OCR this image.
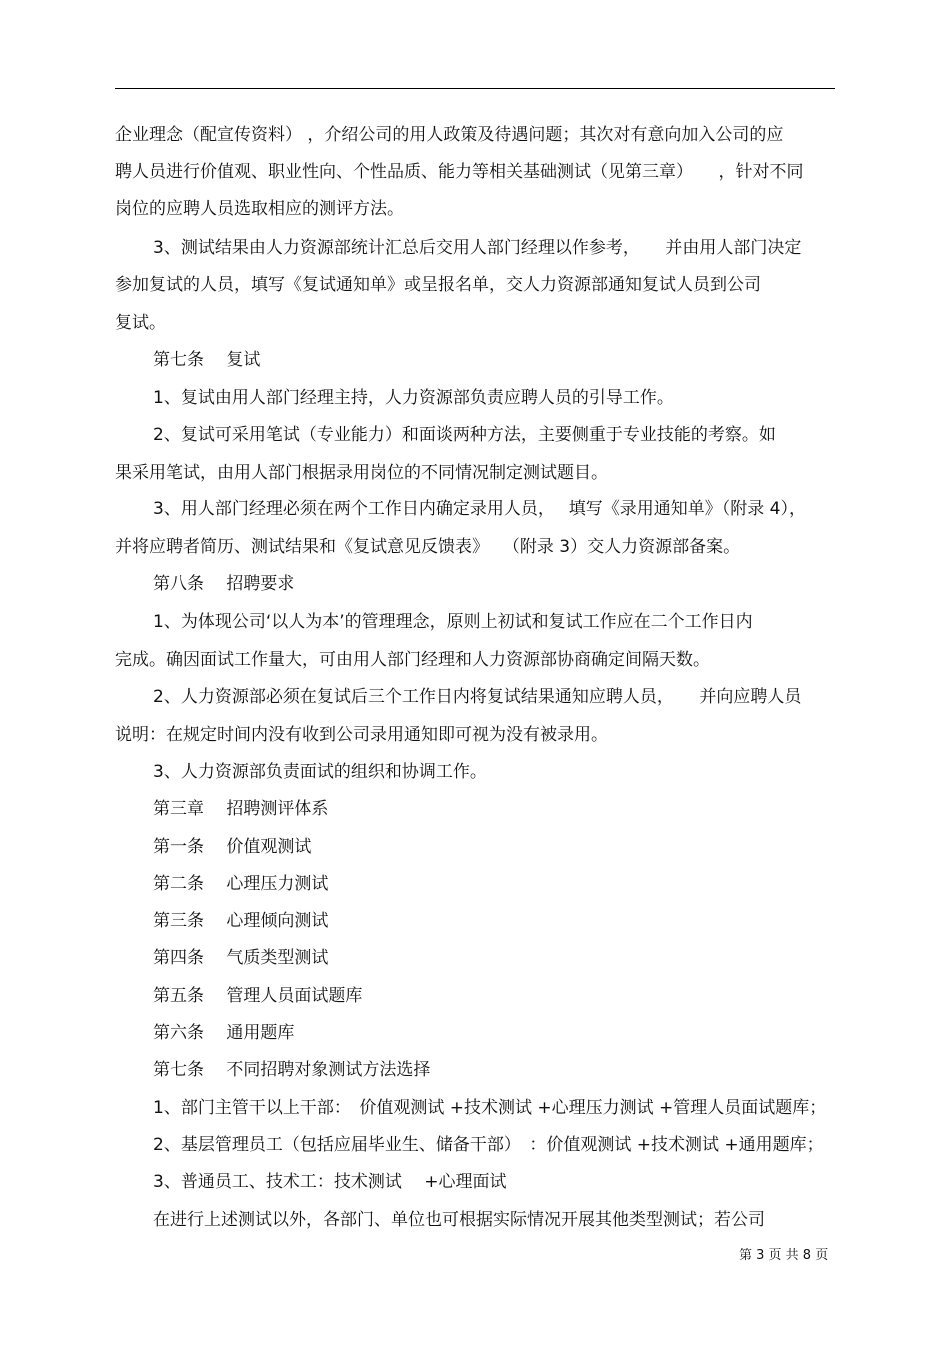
企业理念（配宣传资料） ，介绍公司的用人政策及待遇问题；其次对有意向加入公司的应
聘人员进行价值观、职业性向、个性品质、能力等相关基础测试（见第三章）　　，针对不同
岗位的应聘人员选取相应的测评方法。
3、测试结果由人力资源部统计汇总后交用人部门经理以作参考，　　并由用人部门决定
参加复试的人员，填写《复试通知单》或呈报名单，交人力资源部通知复试人员到公司
复试。
第七条　 复试
1、复试由用人部门经理主持，人力资源部负责应聘人员的引导工作。
2、复试可采用笔试（专业能力）和面谈两种方法，主要侧重于专业技能的考察。如
果采用笔试，由用人部门根据录用岗位的不同情况制定测试题目。
3、用人部门经理必须在两个工作日内确定录用人员，　 填写《录用通知单》（附录 4），
并将应聘者简历、测试结果和《复试意见反馈表》　 （附录 3）交人力资源部备案。
第八条　 招聘要求
1、为体现公司‘以人为本’的管理理念，原则上初试和复试工作应在二个工作日内
完成。确因面试工作量大，可由用人部门经理和人力资源部协商确定间隔天数。
2、人力资源部必须在复试后三个工作日内将复试结果通知应聘人员，　　并向应聘人员
说明：在规定时间内没有收到公司录用通知即可视为没有被录用。
3、人力资源部负责面试的组织和协调工作。
第三章　 招聘测评体系
第一条　 价值观测试
第二条　 心理压力测试
第三条　 心理倾向测试
第四条　 气质类型测试
第五条　 管理人员面试题库
第六条　 通用题库
第七条　 不同招聘对象测试方法选择
1、部门主管干以上干部：　价值观测试 +技术测试 +心理压力测试 +管理人员面试题库；
2、基层管理员工（包括应届毕业生、储备干部）　：价值观测试 +技术测试 +通用题库；
3、普通员工、技术工：技术测试　 +心理面试
在进行上述测试以外，各部门、单位也可根据实际情况开展其他类型测试；若公司
第 3 页 共 8 页
